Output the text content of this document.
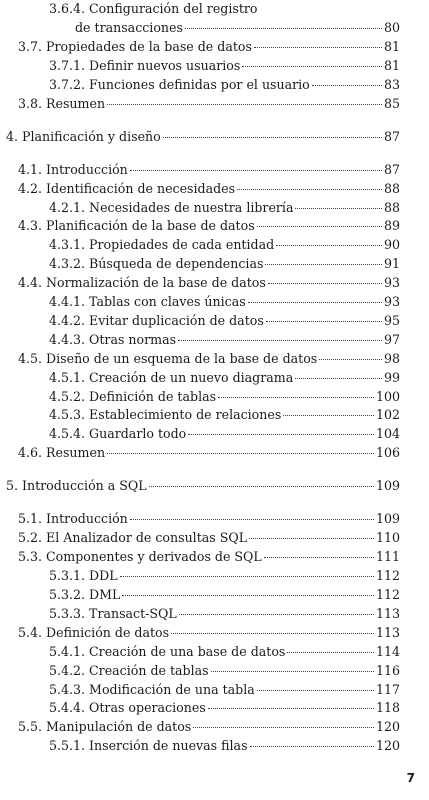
3.6.4. Configuración del registro
de transacciones	80
3.7. Propiedades de la base de datos	81
3.7.1. Definir nuevos usuarios	81
3.7.2. Funciones definidas por el usuario	83
3.8. Resumen	85
4. Planificación y diseño	87
4.1. Introducción	87
4.2. Identificación de necesidades	88
4.2.1. Necesidades de nuestra librería	88
4.3. Planificación de la base de datos	89
4.3.1. Propiedades de cada entidad	90
4.3.2. Búsqueda de dependencias	91
4.4. Normalización de la base de datos	93
4.4.1. Tablas con claves únicas	93
4.4.2. Evitar duplicación de datos	95
4.4.3. Otras normas	97
4.5. Diseño de un esquema de la base de datos	98
4.5.1. Creación de un nuevo diagrama	99
4.5.2. Definición de tablas	100
4.5.3. Establecimiento de relaciones	102
4.5.4. Guardarlo todo	104
4.6. Resumen	106
5. Introducción a SQL	109
5.1. Introducción	109
5.2. El Analizador de consultas SQL	110
5.3. Componentes y derivados de SQL	111
5.3.1. DDL	112
5.3.2. DML	112
5.3.3. Transact-SQL	113
5.4. Definición de datos	113
5.4.1. Creación de una base de datos	114
5.4.2. Creación de tablas	116
5.4.3. Modificación de una tabla	117
5.4.4. Otras operaciones	118
5.5. Manipulación de datos	120
5.5.1. Inserción de nuevas filas	120
7
